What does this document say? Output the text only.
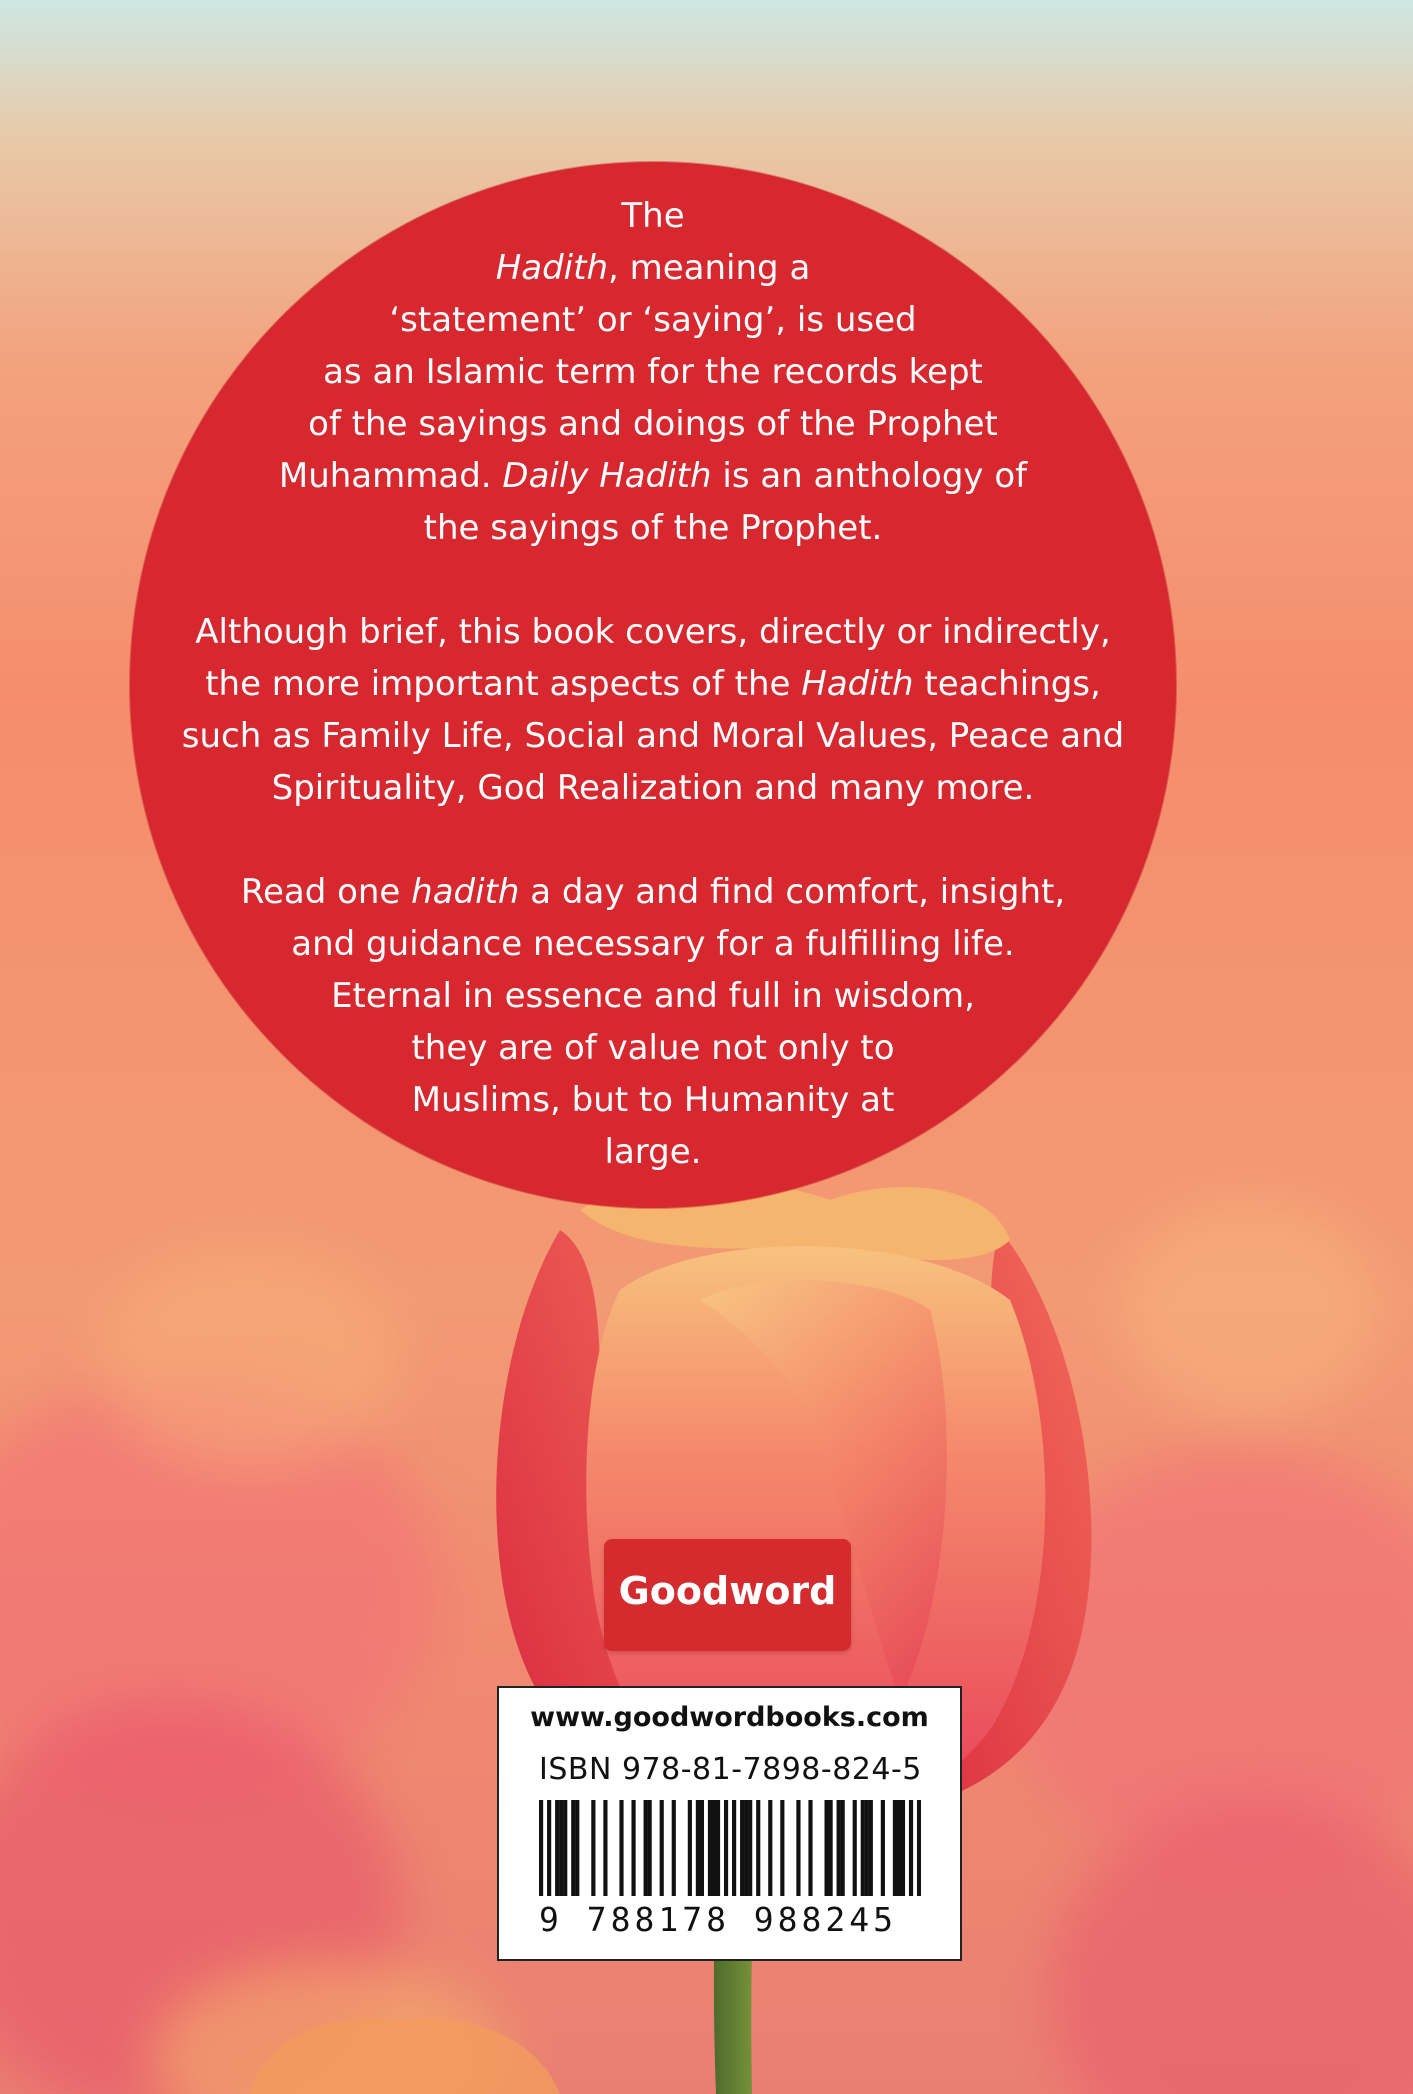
The
Hadith, meaning a
‘statement’ or ‘saying’, is used
as an Islamic term for the records kept
of the sayings and doings of the Prophet
Muhammad. Daily Hadith is an anthology of
the sayings of the Prophet.

Although brief, this book covers, directly or indirectly,
the more important aspects of the Hadith teachings,
such as Family Life, Social and Moral Values, Peace and
Spirituality, God Realization and many more.

Read one hadith a day and find comfort, insight,
and guidance necessary for a fulfilling life.
Eternal in essence and full in wisdom,
they are of value not only to
Muslims, but to Humanity at
large.

Goodword
www.goodwordbooks.com
ISBN 978-81-7898-824-5
9 788178 988245
